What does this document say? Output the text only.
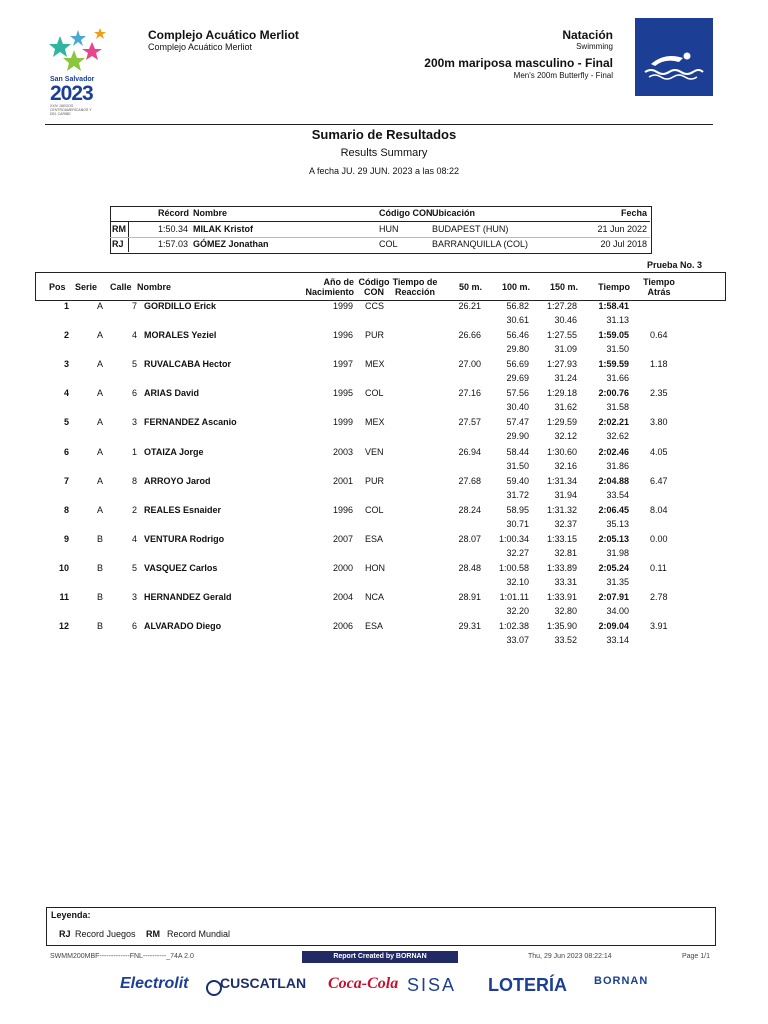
San Salvador
2023
XXIV JUEGOS CENTROAMERICANOS Y DEL CARIBE
Complejo Acuático Merliot
Complejo Acuático Merliot
Natación
Swimming
200m mariposa masculino - Final
Men's 200m Butterfly - Final
Sumario de Resultados
Results Summary
A fecha JU. 29 JUN. 2023 a las 08:22
Récord Nombre	Código CON Ubicación	Fecha
RM	1:50.34 MILAK Kristof	HUN	BUDAPEST (HUN)	21 Jun 2022
RJ	1:57.03 GÓMEZ Jonathan	COL	BARRANQUILLA (COL)	20 Jul 2018
Prueba No. 3
Pos Serie Calle Nombre	Año de
Nacimiento
Código
CON
Tiempo de
Reacción	50 m.	100 m.	150 m.	Tiempo	Tiempo
Atrás
1	A	7 GORDILLO Erick	1999 CCS	26.21	56.82	1:27.28	1:58.41
30.61	30.46	31.13
2	A	4 MORALES Yeziel	1996 PUR	26.66	56.46	1:27.55	1:59.05 0.64
29.80	31.09	31.50
3	A	5 RUVALCABA Hector	1997 MEX	27.00	56.69	1:27.93	1:59.59 1.18
29.69	31.24	31.66
4	A	6 ARIAS David	1995 COL	27.16	57.56	1:29.18	2:00.76 2.35
30.40	31.62	31.58
5	A	3 FERNANDEZ Ascanio	1999 MEX	27.57	57.47	1:29.59	2:02.21 3.80
29.90	32.12	32.62
6	A	1 OTAIZA Jorge	2003 VEN	26.94	58.44	1:30.60	2:02.46 4.05
31.50	32.16	31.86
7	A	8 ARROYO Jarod	2001 PUR	27.68	59.40	1:31.34	2:04.88 6.47
31.72	31.94	33.54
8	A	2 REALES Esnaider	1996 COL	28.24	58.95	1:31.32	2:06.45 8.04
30.71	32.37	35.13
9	B	4 VENTURA Rodrigo	2007 ESA	28.07	1:00.34	1:33.15	2:05.13 0.00
32.27	32.81	31.98
10	B	5 VASQUEZ Carlos	2000 HON	28.48	1:00.58	1:33.89	2:05.24 0.11
32.10	33.31	31.35
11	B	3 HERNANDEZ Gerald	2004 NCA	28.91	1:01.11	1:33.91	2:07.91 2.78
32.20	32.80	34.00
12	B	6 ALVARADO Diego	2006 ESA	29.31	1:02.38	1:35.90	2:09.04 3.91
33.07	33.52	33.14
Leyenda:
RJ Record Juegos RM Record Mundial
SWMM200MBF-------------FNL----------_74A 2.0	Thu, 29 Jun 2023 08:22:14	Page 1/1
Report Created by BORNAN
Electrolit CUSCATLAN Coca-Cola SISA LOTERÍA BORNAN
